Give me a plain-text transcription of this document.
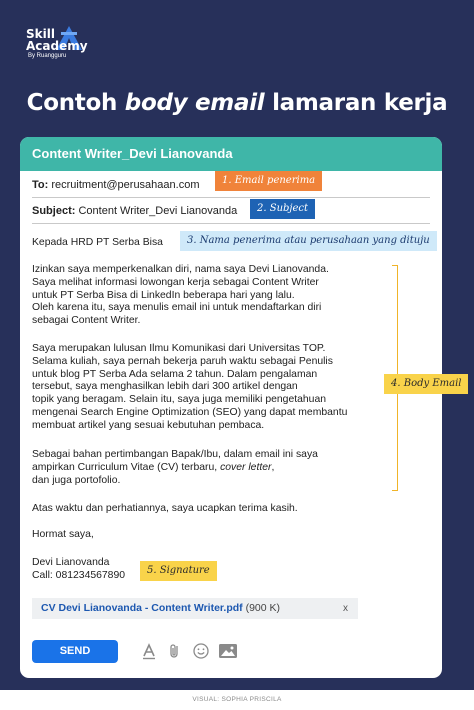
Skill
Academy
By Ruangguru
Contoh body email lamaran kerja
Content Writer_Devi Lianovanda
To: recruitment@perusahaan.com
Subject: Content Writer_Devi Lianovanda
Kepada HRD PT Serba Bisa
Izinkan saya memperkenalkan diri, nama saya Devi Lianovanda.
Saya melihat informasi lowongan kerja sebagai Content Writer
untuk PT Serba Bisa di LinkedIn beberapa hari yang lalu.
Oleh karena itu, saya menulis email ini untuk mendaftarkan diri
sebagai Content Writer.
Saya merupakan lulusan Ilmu Komunikasi dari Universitas TOP.
Selama kuliah, saya pernah bekerja paruh waktu sebagai Penulis
untuk blog PT Serba Ada selama 2 tahun. Dalam pengalaman
tersebut, saya menghasilkan lebih dari 300 artikel dengan
topik yang beragam. Selain itu, saya juga memiliki pengetahuan
mengenai Search Engine Optimization (SEO) yang dapat membantu
membuat artikel yang sesuai kebutuhan pembaca.
Sebagai bahan pertimbangan Bapak/Ibu, dalam email ini saya
ampirkan Curriculum Vitae (CV) terbaru, cover letter,
dan juga portofolio.
Atas waktu dan perhatiannya, saya ucapkan terima kasih.
Hormat saya,
Devi Lianovanda
Call: 081234567890
CV Devi Lianovanda - Content Writer.pdf (900 K)	x
SEND
1. Email penerima
2. Subject
3. Nama penerima atau perusahaan yang dituju
4. Body Email
5. Signature
VISUAL: SOPHIA PRISCILA
